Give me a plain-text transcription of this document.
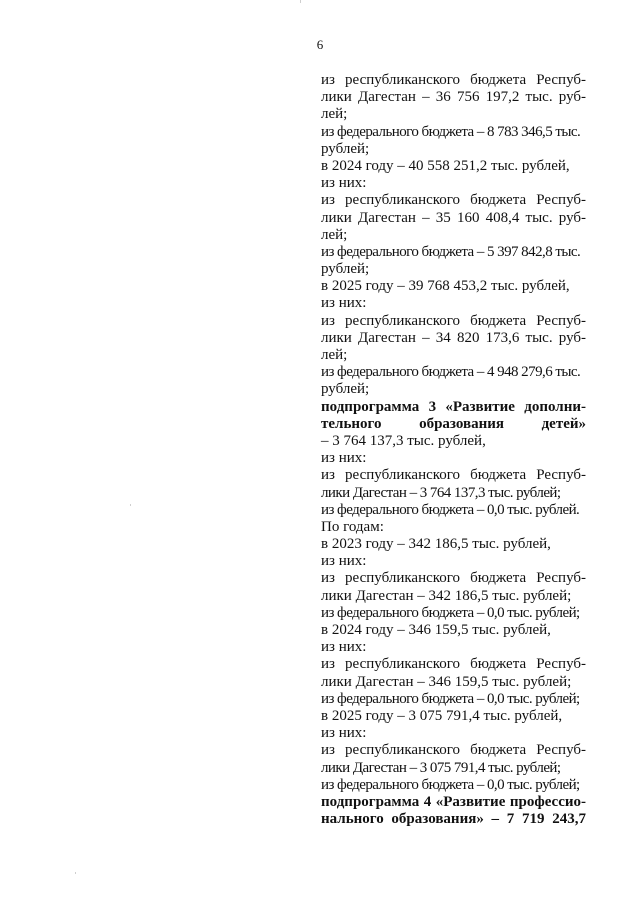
6
из республиканского бюджета Респуб-
лики Дагестан – 36 756 197,2 тыс. руб-
лей;
из федерального бюджета – 8 783 346,5 тыс.
рублей;
в 2024 году – 40 558 251,2 тыс. рублей,
из них:
из республиканского бюджета Респуб-
лики Дагестан – 35 160 408,4 тыс. руб-
лей;
из федерального бюджета – 5 397 842,8 тыс.
рублей;
в 2025 году – 39 768 453,2 тыс. рублей,
из них:
из республиканского бюджета Респуб-
лики Дагестан – 34 820 173,6 тыс. руб-
лей;
из федерального бюджета – 4 948 279,6 тыс.
рублей;
подпрограмма 3 «Развитие дополни-
тельного образования детей»
– 3 764 137,3 тыс. рублей,
из них:
из республиканского бюджета Респуб-
лики Дагестан – 3 764 137,3 тыс. рублей;
из федерального бюджета – 0,0 тыс. рублей.
По годам:
в 2023 году – 342 186,5 тыс. рублей,
из них:
из республиканского бюджета Респуб-
лики Дагестан – 342 186,5 тыс. рублей;
из федерального бюджета – 0,0 тыс. рублей;
в 2024 году – 346 159,5 тыс. рублей,
из них:
из республиканского бюджета Респуб-
лики Дагестан – 346 159,5 тыс. рублей;
из федерального бюджета – 0,0 тыс. рублей;
в 2025 году – 3 075 791,4 тыс. рублей,
из них:
из республиканского бюджета Респуб-
лики Дагестан – 3 075 791,4 тыс. рублей;
из федерального бюджета – 0,0 тыс. рублей;
подпрограмма 4 «Развитие профессио-
нального образования» – 7 719 243,7
